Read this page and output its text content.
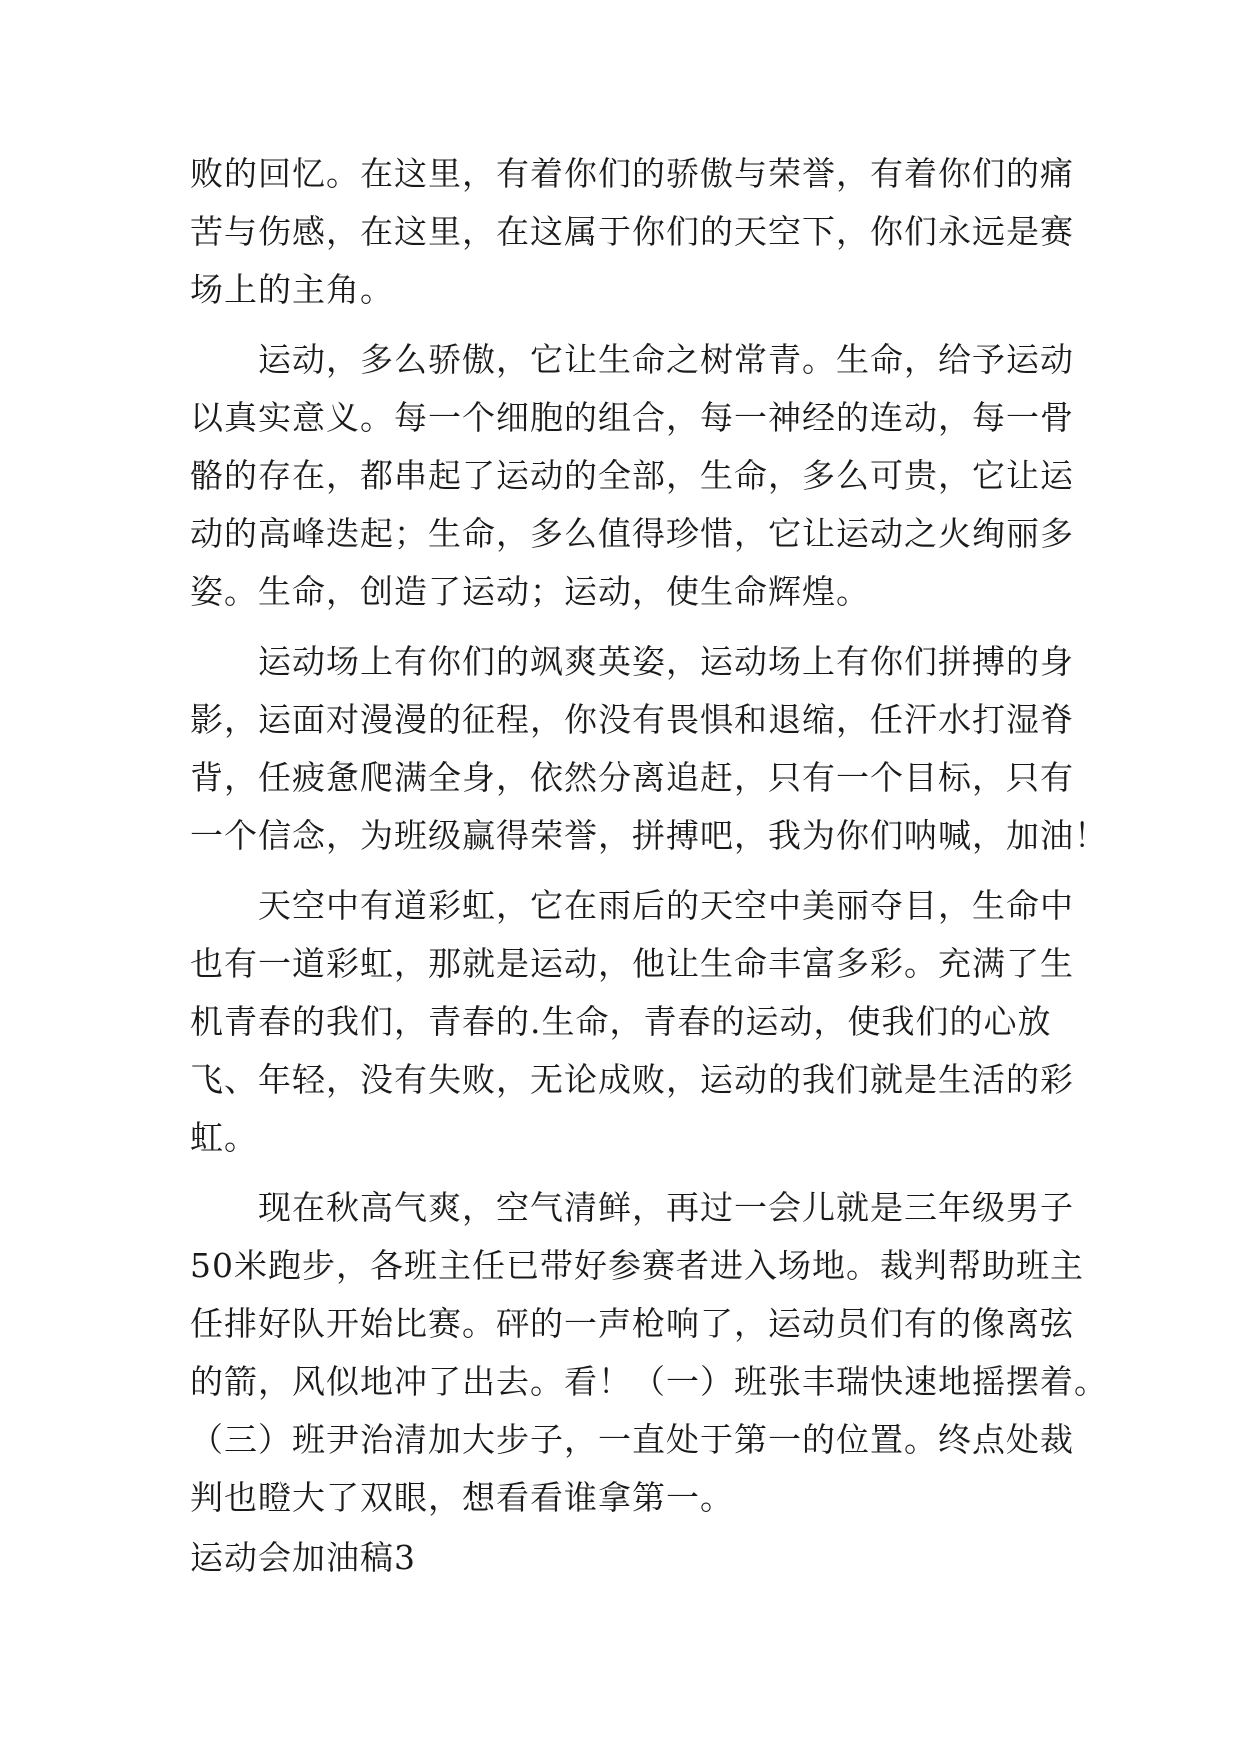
败的回忆。在这里，有着你们的骄傲与荣誉，有着你们的痛
苦与伤感，在这里，在这属于你们的天空下，你们永远是赛
场上的主角。
　　运动，多么骄傲，它让生命之树常青。生命，给予运动
以真实意义。每一个细胞的组合，每一神经的连动，每一骨
骼的存在，都串起了运动的全部，生命，多么可贵，它让运
动的高峰迭起；生命，多么值得珍惜，它让运动之火绚丽多
姿。生命，创造了运动；运动，使生命辉煌。
　　运动场上有你们的飒爽英姿，运动场上有你们拼搏的身
影，运面对漫漫的征程，你没有畏惧和退缩，任汗水打湿脊
背，任疲惫爬满全身，依然分离追赶，只有一个目标，只有
一个信念，为班级赢得荣誉，拼搏吧，我为你们呐喊，加油！
　　天空中有道彩虹，它在雨后的天空中美丽夺目，生命中
也有一道彩虹，那就是运动，他让生命丰富多彩。充满了生
机青春的我们，青春的.生命，青春的运动，使我们的心放
飞、年轻，没有失败，无论成败，运动的我们就是生活的彩
虹。
　　现在秋高气爽，空气清鲜，再过一会儿就是三年级男子
50米跑步，各班主任已带好参赛者进入场地。裁判帮助班主
任排好队开始比赛。砰的一声枪响了，运动员们有的像离弦
的箭，风似地冲了出去。看！（一）班张丰瑞快速地摇摆着。
（三）班尹治清加大步子，一直处于第一的位置。终点处裁
判也瞪大了双眼，想看看谁拿第一。
运动会加油稿3
